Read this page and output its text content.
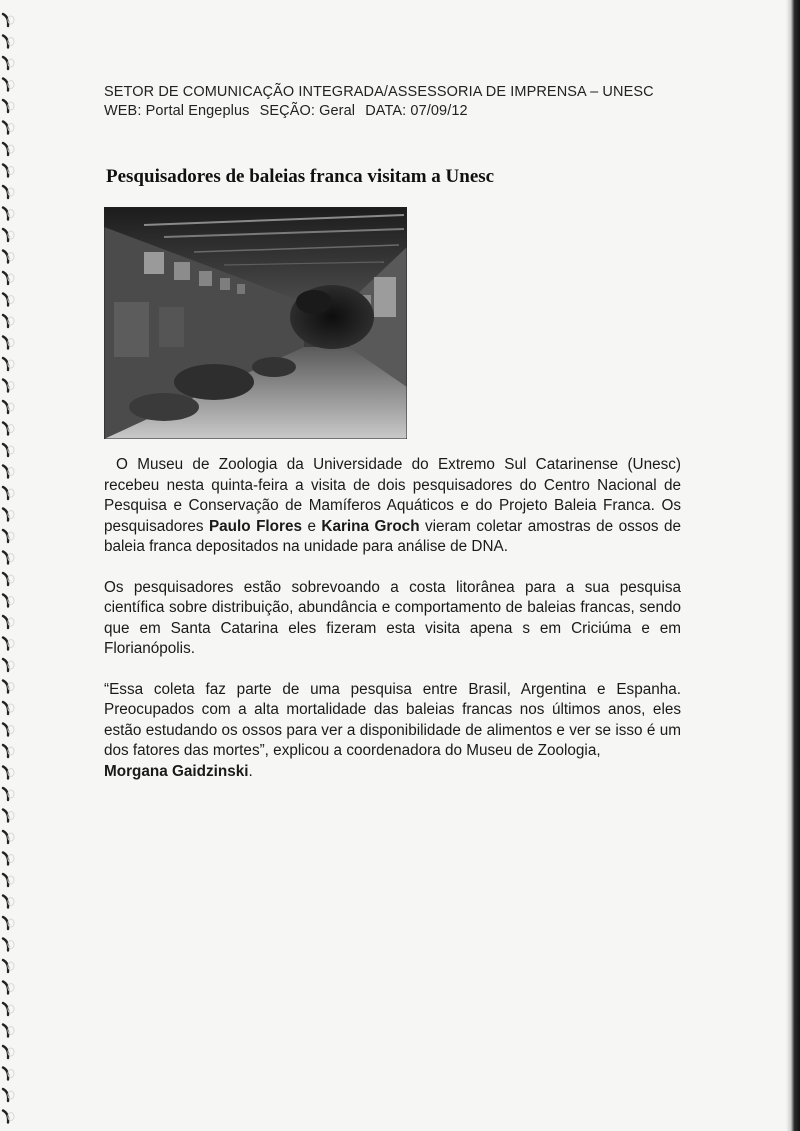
SETOR DE COMUNICAÇÃO INTEGRADA/ASSESSORIA DE IMPRENSA – UNESC
WEB: Portal Engeplus SEÇÃO: Geral DATA: 07/09/12
Pesquisadores de baleias franca visitam a Unesc

O Museu de Zoologia da Universidade do Extremo Sul Catarinense (Unesc) recebeu nesta quinta-feira a visita de dois pesquisadores do Centro Nacional de Pesquisa e Conservação de Mamíferos Aquáticos e do Projeto Baleia Franca. Os pesquisadores Paulo Flores e Karina Groch vieram coletar amostras de ossos de baleia franca depositados na unidade para análise de DNA.

Os pesquisadores estão sobrevoando a costa litorânea para a sua pesquisa científica sobre distribuição, abundância e comportamento de baleias francas, sendo que em Santa Catarina eles fizeram esta visita apena s em Criciúma e em Florianópolis.

“Essa coleta faz parte de uma pesquisa entre Brasil, Argentina e Espanha. Preocupados com a alta mortalidade das baleias francas nos últimos anos, eles estão estudando os ossos para ver a disponibilidade de alimentos e ver se isso é um dos fatores das mortes”, explicou a coordenadora do Museu de Zoologia,
Morgana Gaidzinski.
